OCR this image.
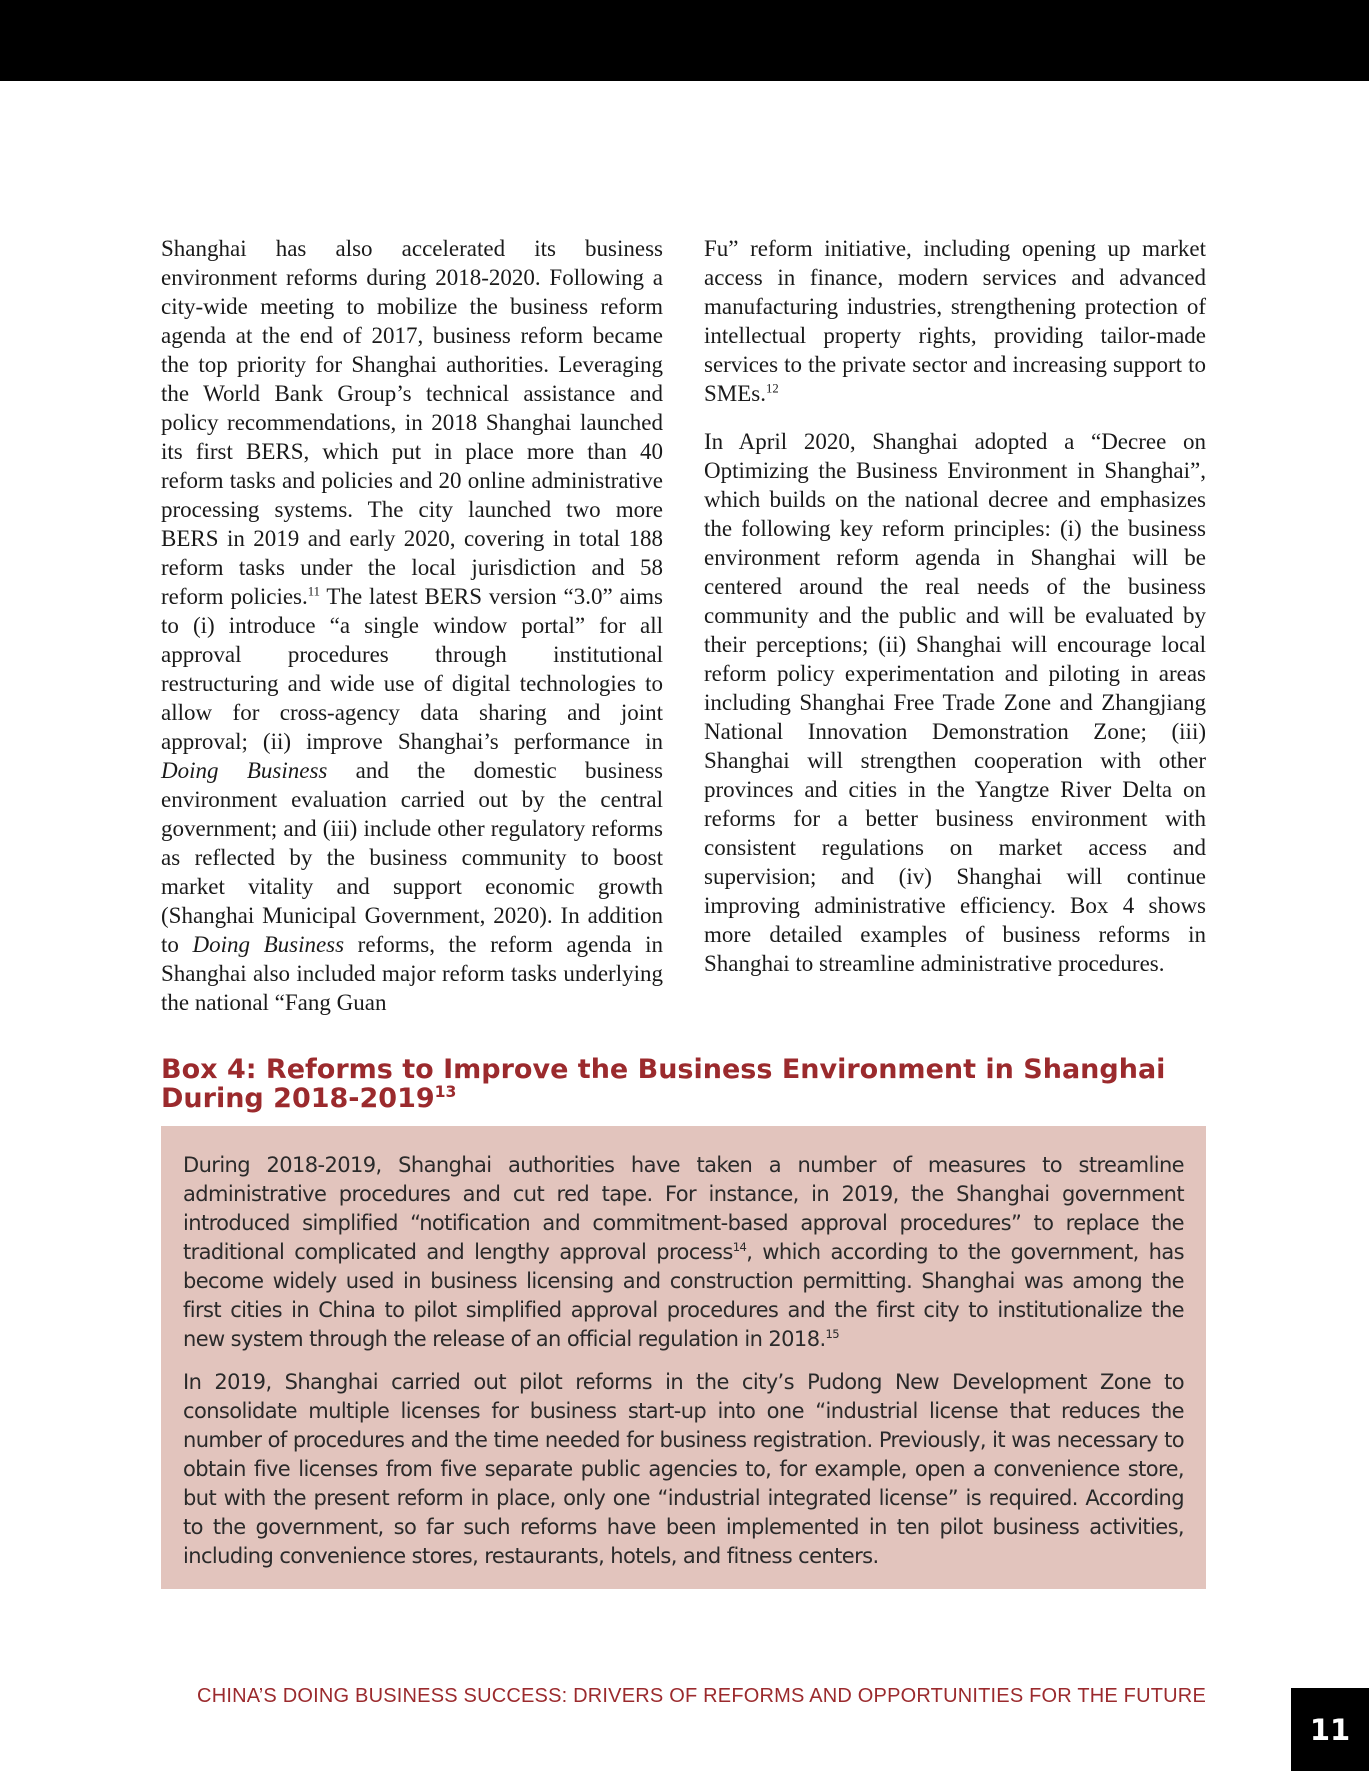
Shanghai has also accelerated its business environment reforms during 2018-2020. Following a city-wide meeting to mobilize the business reform agenda at the end of 2017, business reform became the top priority for Shanghai authorities. Leveraging the World Bank Group’s technical assistance and policy recommendations, in 2018 Shanghai launched its first BERS, which put in place more than 40 reform tasks and policies and 20 online administrative processing systems. The city launched two more BERS in 2019 and early 2020, covering in total 188 reform tasks under the local jurisdiction and 58 reform policies.$^{11}$ The latest BERS version “3.0” aims to (i) introduce “a single window portal” for all approval procedures through institutional restructuring and wide use of digital technologies to allow for cross-agency data sharing and joint approval; (ii) improve Shanghai’s performance in Doing Business and the domestic business environment evaluation carried out by the central government; and (iii) include other regulatory reforms as reflected by the business community to boost market vitality and support economic growth (Shanghai Municipal Government, 2020). In addition to Doing Business reforms, the reform agenda in Shanghai also included major reform tasks underlying the national “Fang Guan

Fu” reform initiative, including opening up market access in finance, modern services and advanced manufacturing industries, strengthening protection of intellectual property rights, providing tailor-made services to the private sector and increasing support to SMEs.$^{12}$

In April 2020, Shanghai adopted a “Decree on Optimizing the Business Environment in Shanghai”, which builds on the national decree and emphasizes the following key reform principles: (i) the business environment reform agenda in Shanghai will be centered around the real needs of the business community and the public and will be evaluated by their perceptions; (ii) Shanghai will encourage local reform policy experimentation and piloting in areas including Shanghai Free Trade Zone and Zhangjiang National Innovation Demonstration Zone; (iii) Shanghai will strengthen cooperation with other provinces and cities in the Yangtze River Delta on reforms for a better business environment with consistent regulations on market access and supervision; and (iv) Shanghai will continue improving administrative efficiency. Box 4 shows more detailed examples of business reforms in Shanghai to streamline administrative procedures.

Box 4: Reforms to Improve the Business Environment in Shanghai During 2018-2019$^{13}$

During 2018-2019, Shanghai authorities have taken a number of measures to streamline administrative procedures and cut red tape. For instance, in 2019, the Shanghai government introduced simplified “notification and commitment-based approval procedures” to replace the traditional complicated and lengthy approval process$^{14}$, which according to the government, has become widely used in business licensing and construction permitting. Shanghai was among the first cities in China to pilot simplified approval procedures and the first city to institutionalize the new system through the release of an official regulation in 2018.15

In 2019, Shanghai carried out pilot reforms in the city’s Pudong New Development Zone to consolidate multiple licenses for business start-up into one “industrial license that reduces the number of procedures and the time needed for business registration. Previously, it was necessary to obtain five licenses from five separate public agencies to, for example, open a convenience store, but with the present reform in place, only one “industrial integrated license” is required. According to the government, so far such reforms have been implemented in ten pilot business activities, including convenience stores, restaurants, hotels, and fitness centers.

CHINA’S DOING BUSINESS SUCCESS: DRIVERS OF REFORMS AND OPPORTUNITIES FOR THE FUTURE
11
